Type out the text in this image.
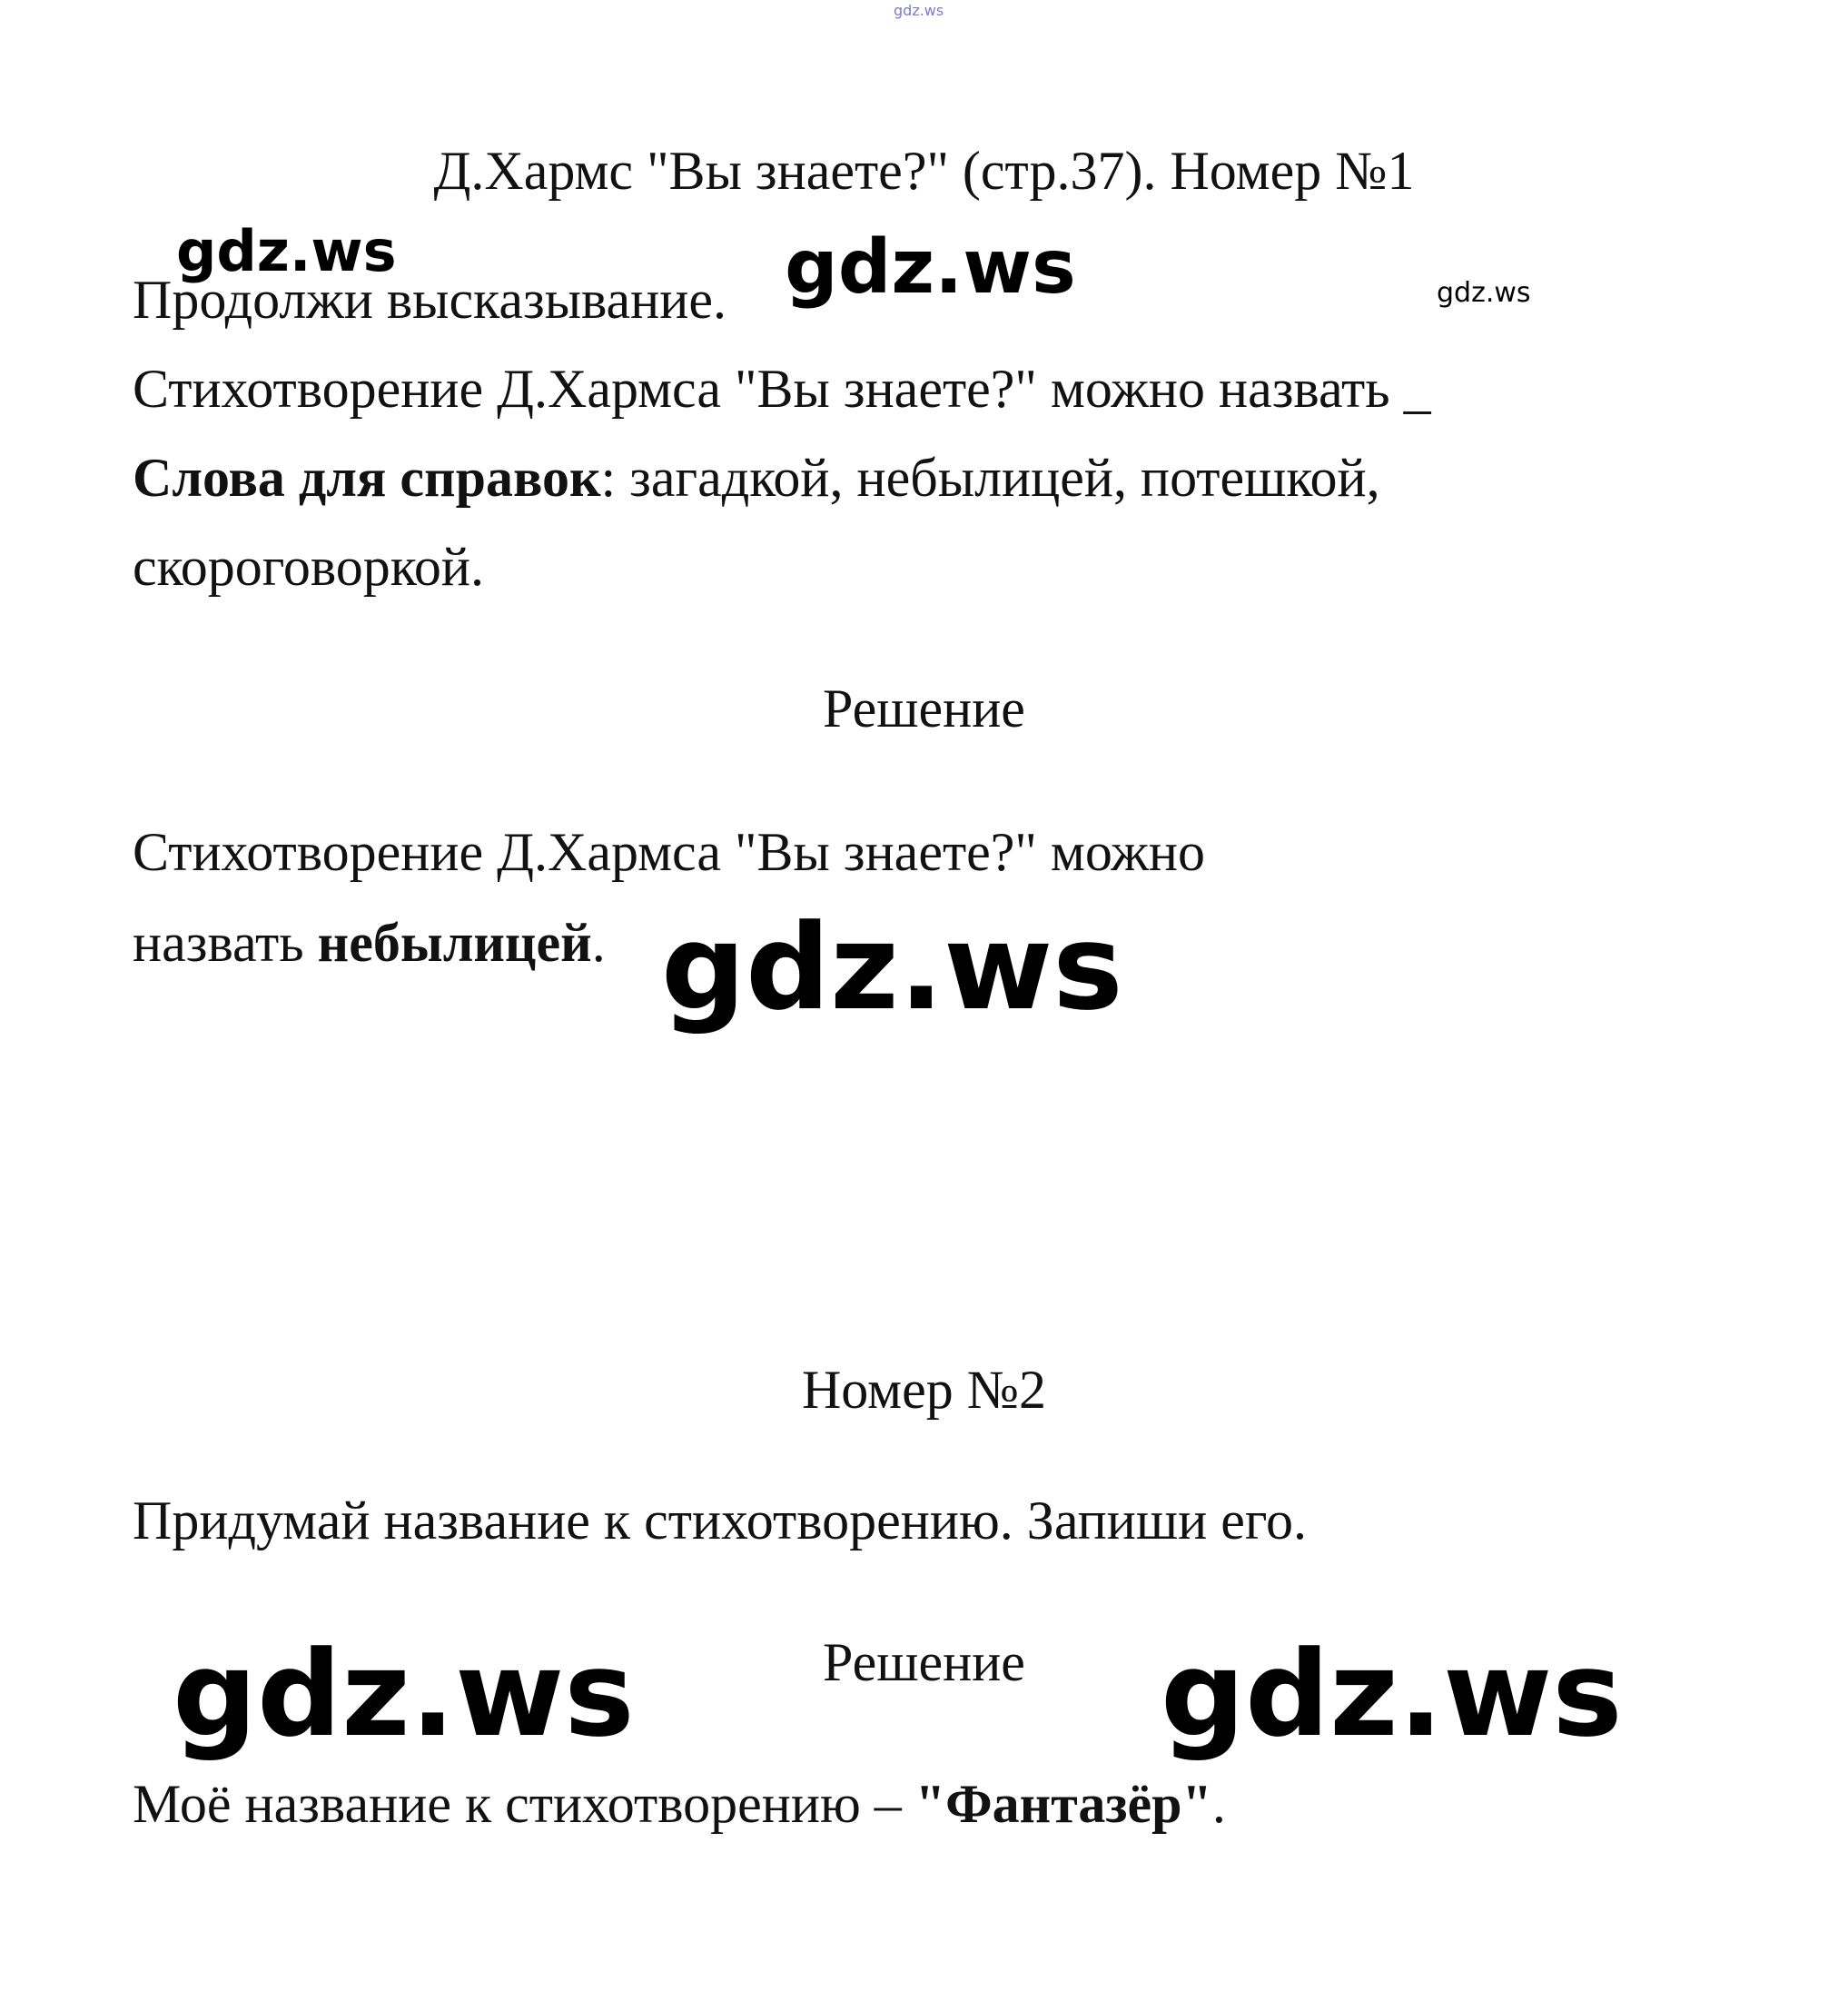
gdz.ws
Д.Хармс "Вы знаете?" (стр.37). Номер №1
gdz.ws	gdz.ws	gdz.ws
Продолжи высказывание.
Стихотворение Д.Хармса "Вы знаете?" можно назвать _
Слова для справок: загадкой, небылицей, потешкой,
скороговоркой.
Решение
Стихотворение Д.Хармса "Вы знаете?" можно
назвать небылицей. gdz.ws
Номер №2
Придумай название к стихотворению. Запиши его.
Решение
gdz.ws	gdz.ws
Моё название к стихотворению – "Фантазёр".
